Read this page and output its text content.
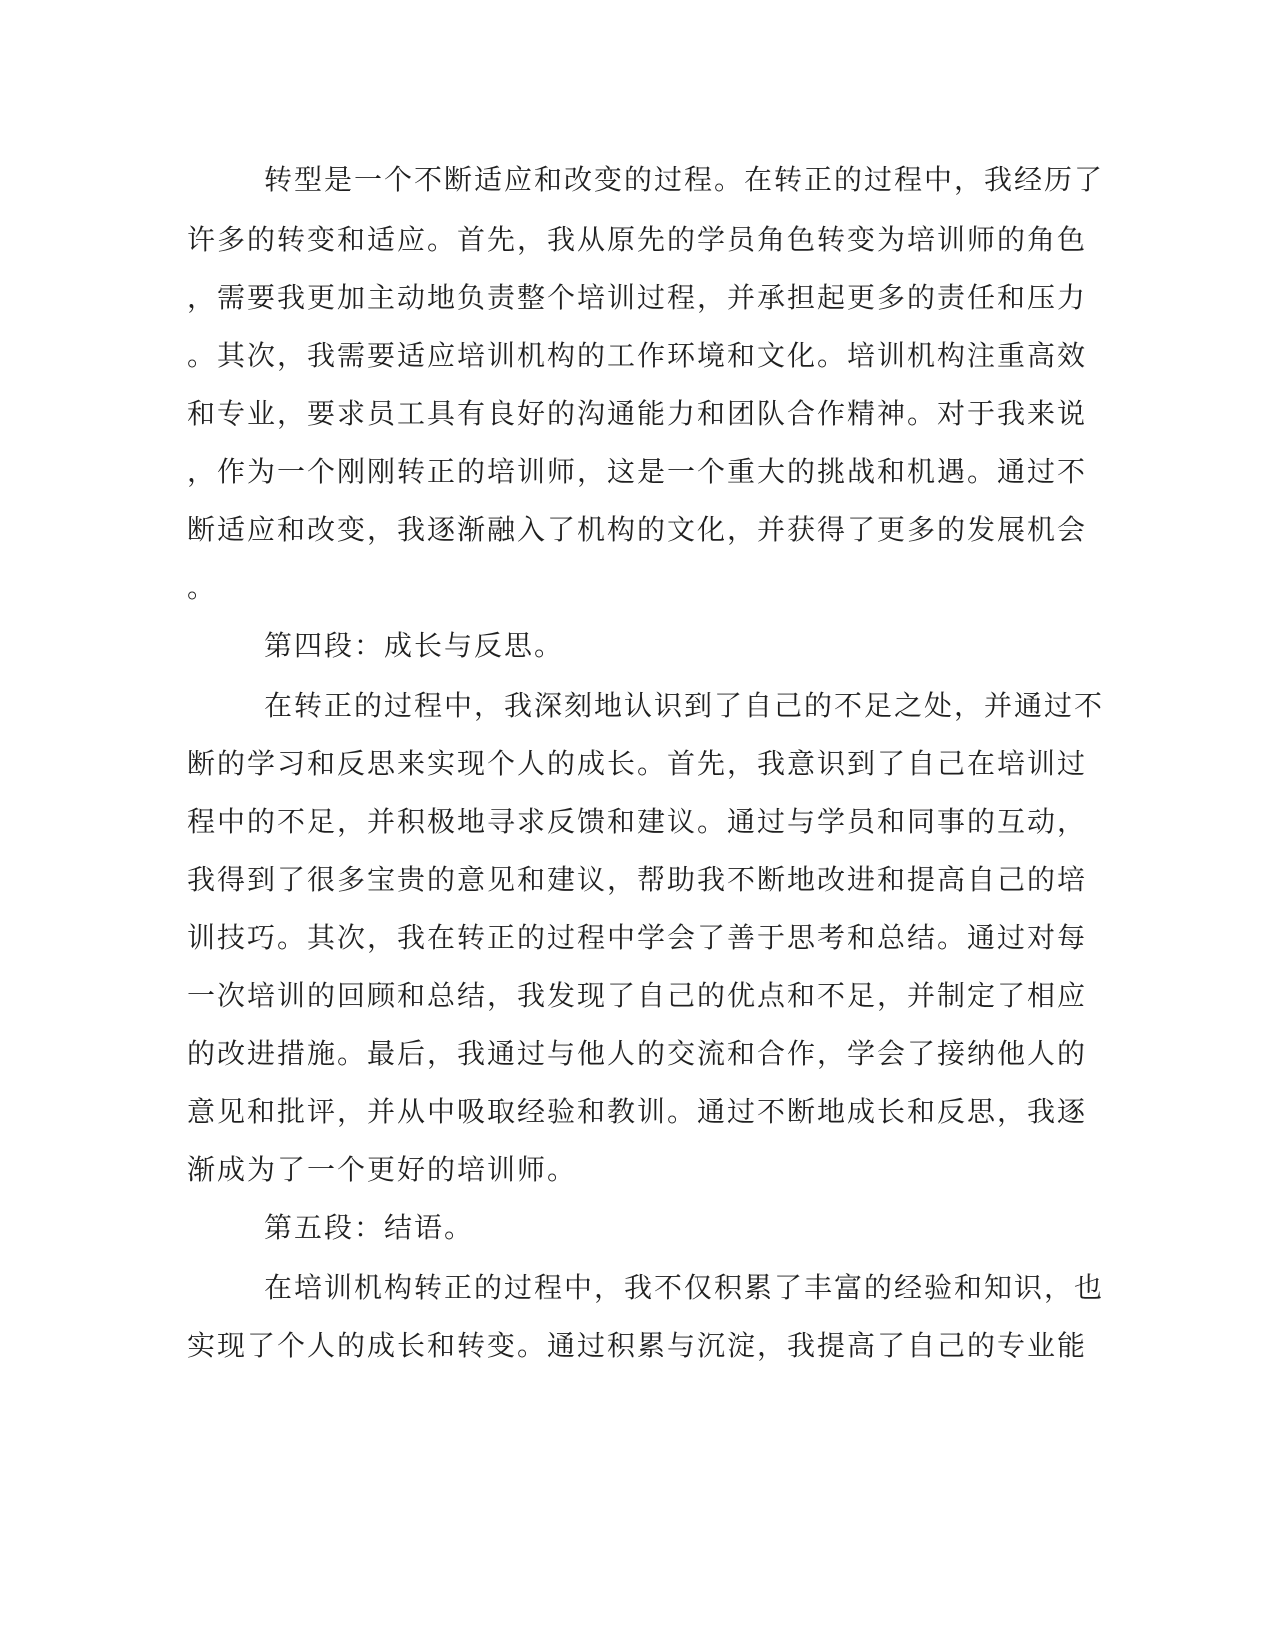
转型是一个不断适应和改变的过程。在转正的过程中，我经历了
许多的转变和适应。首先，我从原先的学员角色转变为培训师的角色
，需要我更加主动地负责整个培训过程，并承担起更多的责任和压力
。其次，我需要适应培训机构的工作环境和文化。培训机构注重高效
和专业，要求员工具有良好的沟通能力和团队合作精神。对于我来说
，作为一个刚刚转正的培训师，这是一个重大的挑战和机遇。通过不
断适应和改变，我逐渐融入了机构的文化，并获得了更多的发展机会
。
第四段：成长与反思。
在转正的过程中，我深刻地认识到了自己的不足之处，并通过不
断的学习和反思来实现个人的成长。首先，我意识到了自己在培训过
程中的不足，并积极地寻求反馈和建议。通过与学员和同事的互动，
我得到了很多宝贵的意见和建议，帮助我不断地改进和提高自己的培
训技巧。其次，我在转正的过程中学会了善于思考和总结。通过对每
一次培训的回顾和总结，我发现了自己的优点和不足，并制定了相应
的改进措施。最后，我通过与他人的交流和合作，学会了接纳他人的
意见和批评，并从中吸取经验和教训。通过不断地成长和反思，我逐
渐成为了一个更好的培训师。
第五段：结语。
在培训机构转正的过程中，我不仅积累了丰富的经验和知识，也
实现了个人的成长和转变。通过积累与沉淀，我提高了自己的专业能
